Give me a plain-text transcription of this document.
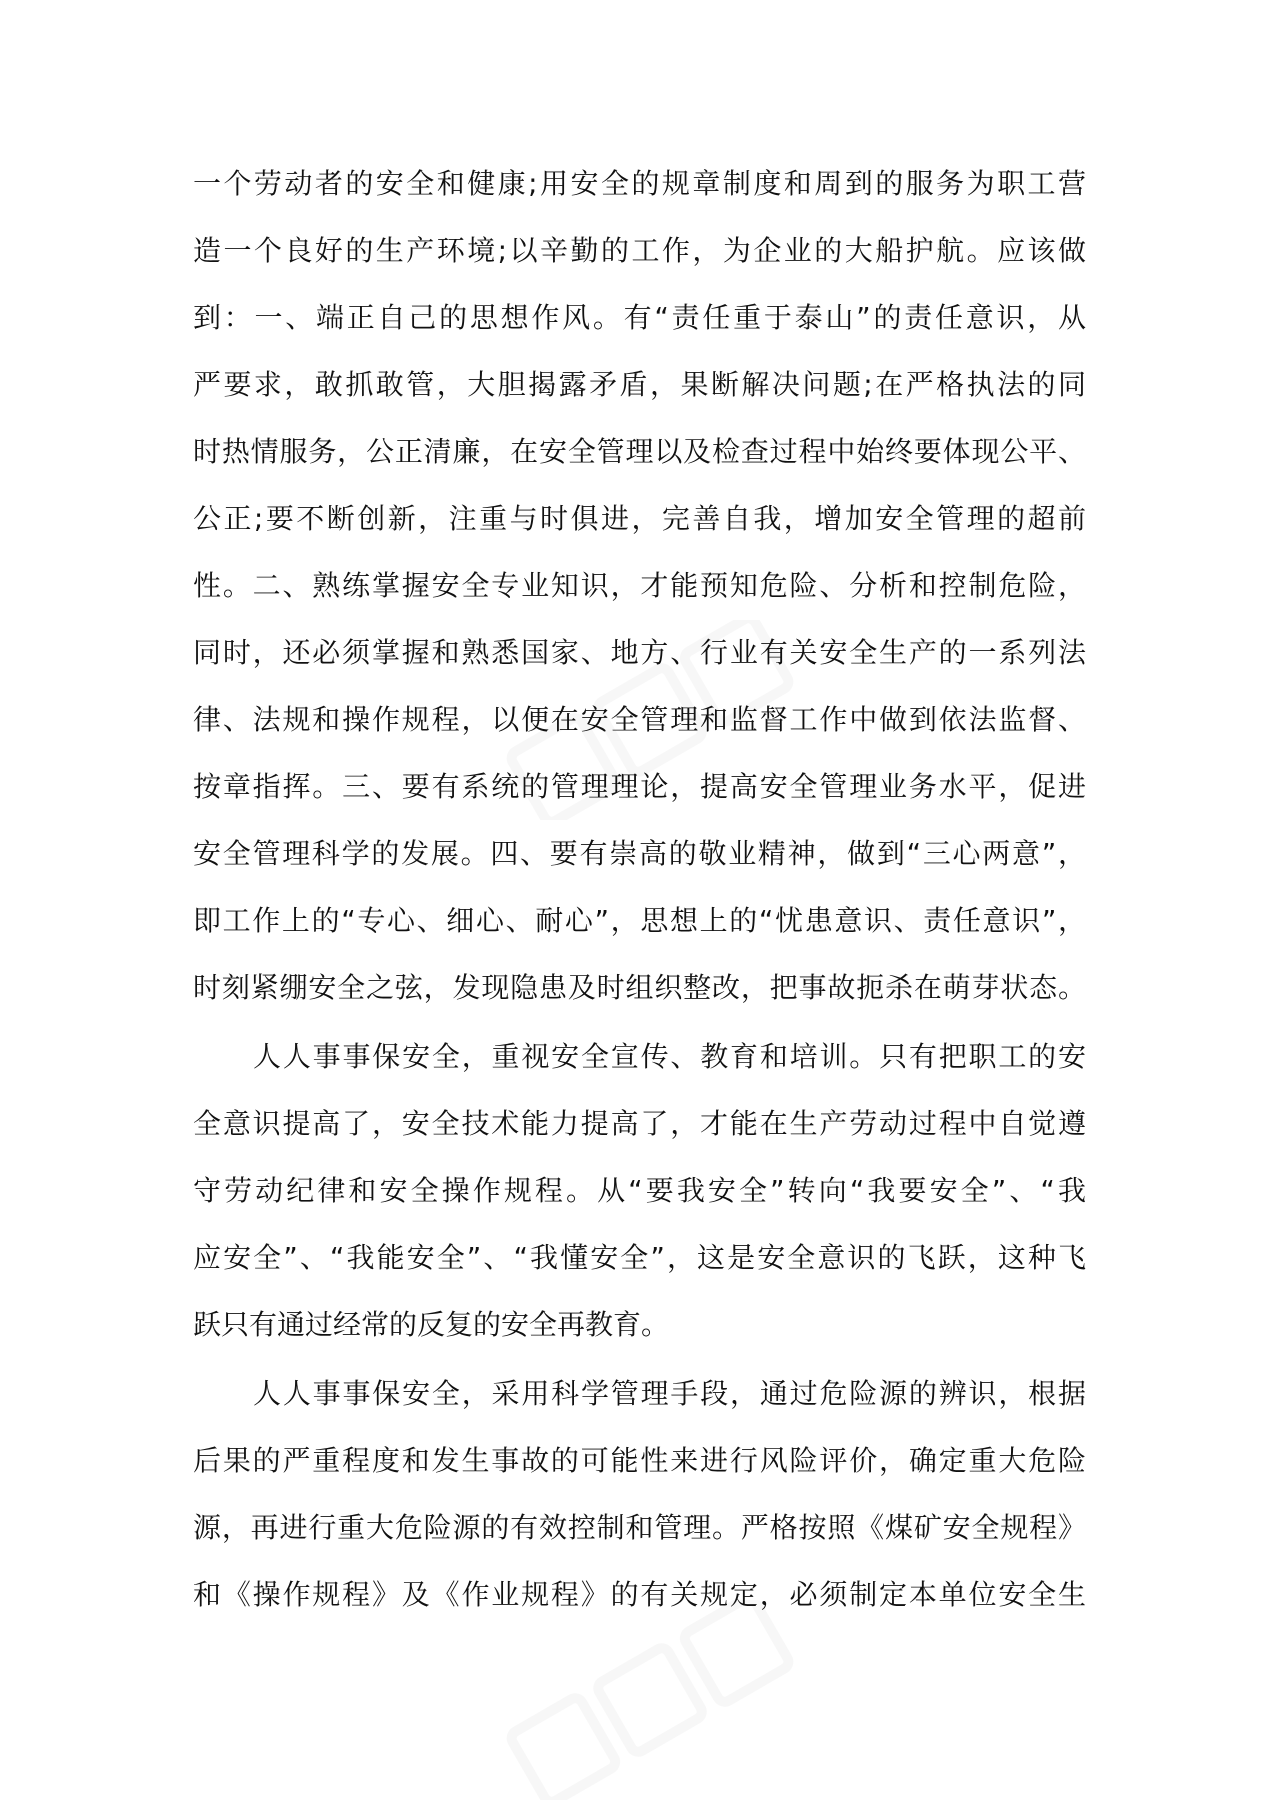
一个劳动者的安全和健康;用安全的规章制度和周到的服务为职工营
造一个良好的生产环境;以辛勤的工作，为企业的大船护航。应该做
到：一、端正自己的思想作风。有“责任重于泰山”的责任意识，从
严要求，敢抓敢管，大胆揭露矛盾，果断解决问题;在严格执法的同
时热情服务，公正清廉，在安全管理以及检查过程中始终要体现公平、
公正;要不断创新，注重与时俱进，完善自我，增加安全管理的超前
性。二、熟练掌握安全专业知识，才能预知危险、分析和控制危险，
同时，还必须掌握和熟悉国家、地方、行业有关安全生产的一系列法
律、法规和操作规程，以便在安全管理和监督工作中做到依法监督、
按章指挥。三、要有系统的管理理论，提高安全管理业务水平，促进
安全管理科学的发展。四、要有崇高的敬业精神，做到“三心两意”，
即工作上的“专心、细心、耐心”，思想上的“忧患意识、责任意识”，
时刻紧绷安全之弦，发现隐患及时组织整改，把事故扼杀在萌芽状态。
人人事事保安全，重视安全宣传、教育和培训。只有把职工的安
全意识提高了，安全技术能力提高了，才能在生产劳动过程中自觉遵
守劳动纪律和安全操作规程。从“要我安全”转向“我要安全”、“我
应安全”、“我能安全”、“我懂安全”，这是安全意识的飞跃，这种飞
跃只有通过经常的反复的安全再教育。
人人事事保安全，采用科学管理手段，通过危险源的辨识，根据
后果的严重程度和发生事故的可能性来进行风险评价，确定重大危险
源，再进行重大危险源的有效控制和管理。严格按照《煤矿安全规程》
和《操作规程》及《作业规程》的有关规定，必须制定本单位安全生
